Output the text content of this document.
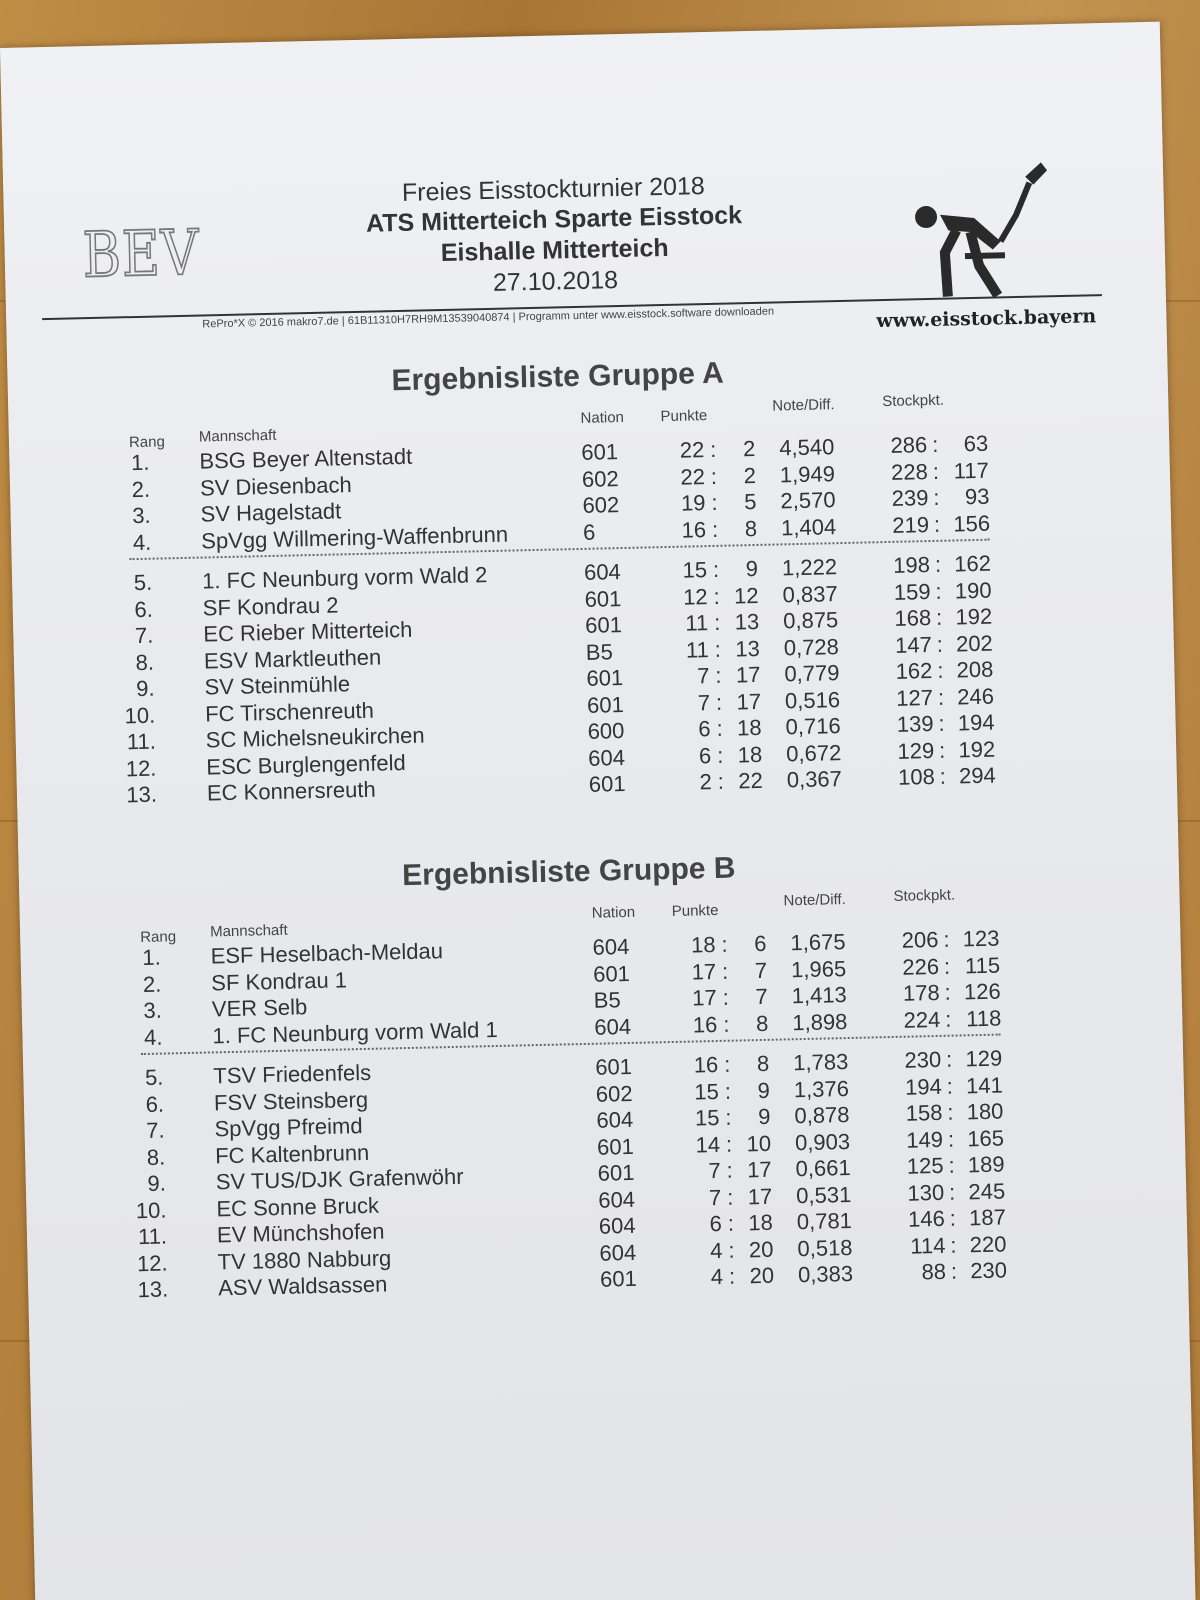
BEV
Freies Eisstockturnier 2018
ATS Mitterteich Sparte Eisstock
Eishalle Mitterteich
27.10.2018
RePro*X © 2016 makro7.de | 61B11310H7RH9M13539040874 | Programm unter www.eisstock.software downloaden	www.eisstock.bayern
Ergebnisliste Gruppe A
Rang Mannschaft
Nation Punkte
Note/Diff.	Stockpkt.
1. BSG Beyer Altenstadt	601	22 :	2 4,540	286 :	63
2. SV Diesenbach	602	22 :	2 1,949	228 : 117
3. SV Hagelstadt	602	19 :	5 2,570	239 :	93
4. SpVgg Willmering-Waffenbrunn	6	16 :	8 1,404	219 : 156
5. 1. FC Neunburg vorm Wald 2	604	15 :	9 1,222	198 : 162
6. SF Kondrau 2	601	12 : 12 0,837	159 : 190
7. EC Rieber Mitterteich	601	11 : 13 0,875	168 : 192
8. ESV Marktleuthen	B5	11 : 13 0,728	147 : 202
9. SV Steinmühle	601	7 : 17 0,779	162 : 208
10. FC Tirschenreuth	601	7 : 17 0,516	127 : 246
11. SC Michelsneukirchen	600	6 : 18 0,716	139 : 194
12. ESC Burglengenfeld	604	6 : 18 0,672	129 : 192
13. EC Konnersreuth	601	2 : 22 0,367	108 : 294
Ergebnisliste Gruppe B
Rang Mannschaft
Nation Punkte
Note/Diff.	Stockpkt.
1. ESF Heselbach-Meldau	604	18 :	6 1,675	206 : 123
2. SF Kondrau 1	601	17 :	7 1,965	226 : 115
3. VER Selb	B5	17 :	7 1,413	178 : 126
4. 1. FC Neunburg vorm Wald 1	604	16 :	8 1,898	224 : 118
5. TSV Friedenfels	601	16 :	8 1,783	230 : 129
6. FSV Steinsberg	602	15 :	9 1,376	194 : 141
7. SpVgg Pfreimd	604	15 :	9 0,878	158 : 180
8. FC Kaltenbrunn	601	14 : 10 0,903	149 : 165
9. SV TUS/DJK Grafenwöhr	601	7 : 17 0,661	125 : 189
10. EC Sonne Bruck	604	7 : 17 0,531	130 : 245
11. EV Münchshofen	604	6 : 18 0,781	146 : 187
12. TV 1880 Nabburg	604	4 : 20 0,518	114 : 220
13. ASV Waldsassen	601	4 : 20 0,383	88 : 230
